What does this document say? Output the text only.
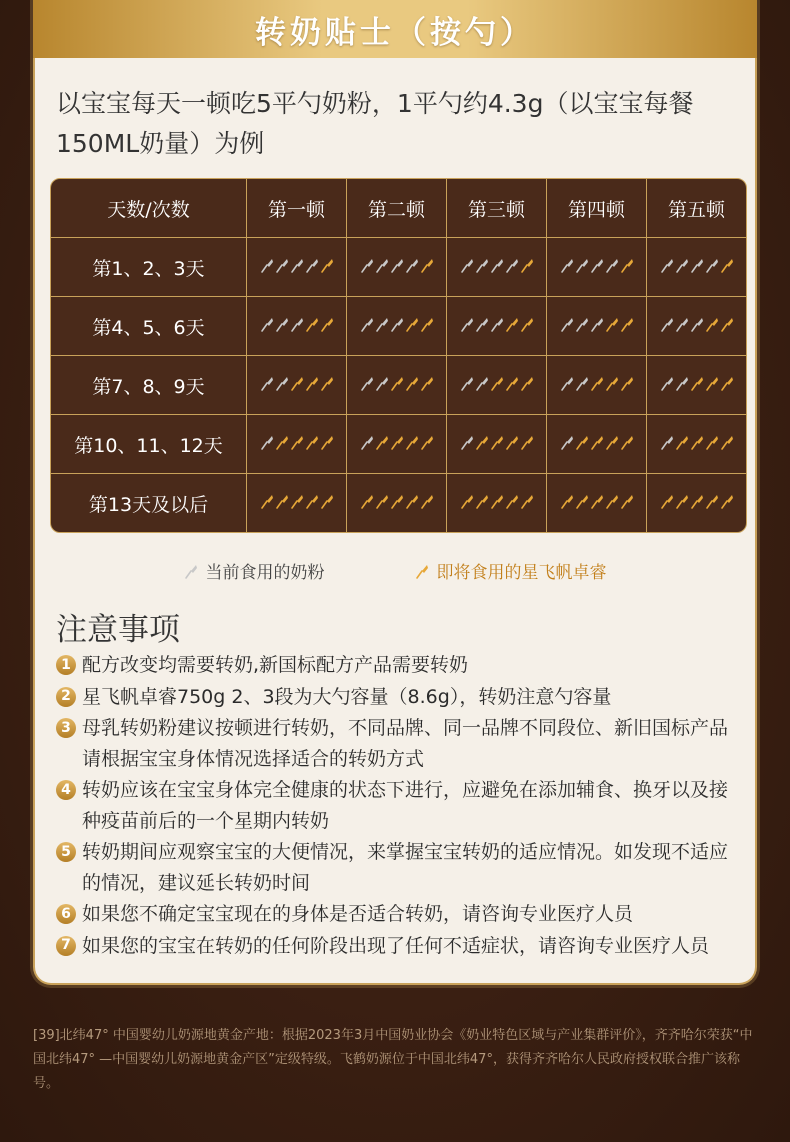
转奶贴士（按勺）
以宝宝每天一顿吃5平勺奶粉，1平勺约4.3g（以宝宝每餐150ML奶量）为例
天数/次数	第一顿	第二顿	第三顿	第四顿	第五顿
第1、2、3天	

第4、5、6天	

第7、8、9天	

第10、11、12天	

第13天及以后	

当前食用的奶粉	即将食用的星飞帆卓睿
注意事项
1 配方改变均需要转奶,新国标配方产品需要转奶
2 星飞帆卓睿750g 2、3段为大勺容量（8.6g），转奶注意勺容量
3 母乳转奶粉建议按顿进行转奶，不同品牌、同一品牌不同段位、新旧国标产品请根据宝宝身体情况选择适合的转奶方式
4 转奶应该在宝宝身体完全健康的状态下进行，应避免在添加辅食、换牙以及接种疫苗前后的一个星期内转奶
5 转奶期间应观察宝宝的大便情况，来掌握宝宝转奶的适应情况。如发现不适应的情况，建议延长转奶时间
6 如果您不确定宝宝现在的身体是否适合转奶，请咨询专业医疗人员
7 如果您的宝宝在转奶的任何阶段出现了任何不适症状，请咨询专业医疗人员
[39]北纬47° 中国婴幼儿奶源地黄金产地：根据2023年3月中国奶业协会《奶业特色区域与产业集群评价》，齐齐哈尔荣获“中国北纬47° —中国婴幼儿奶源地黄金产区”定级特级。飞鹤奶源位于中国北纬47°，获得齐齐哈尔人民政府授权联合推广该称号。
